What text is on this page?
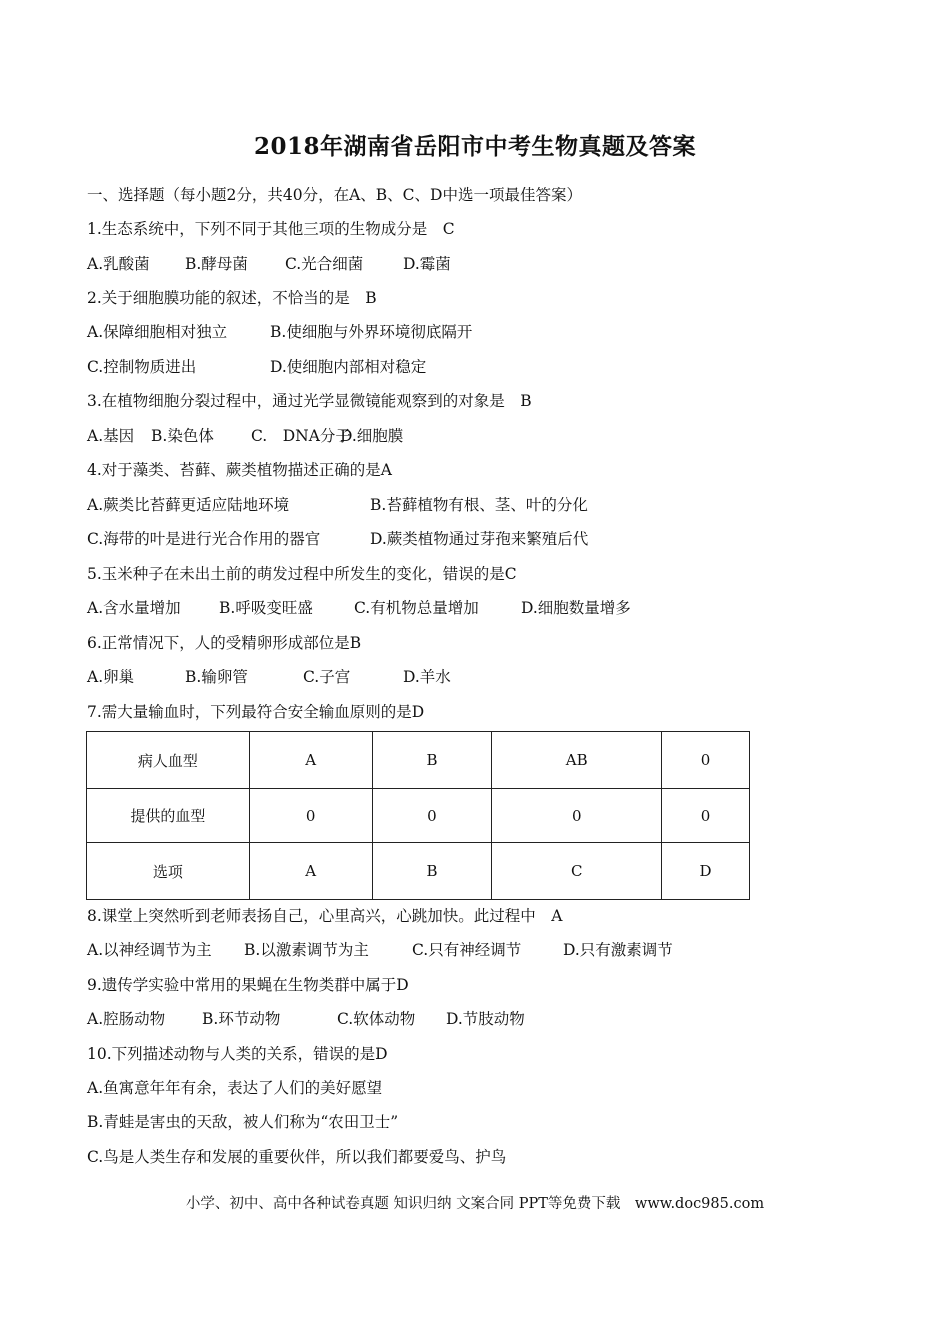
2018年湖南省岳阳市中考生物真题及答案
一、选择题（每小题2分，共40分，在A、B、C、D中选一项最佳答案）
1.生态系统中，下列不同于其他三项的生物成分是　C
A.乳酸菌 B.酵母菌 C.光合细菌	D.霉菌
2.关于细胞膜功能的叙述，不恰当的是　B
A.保障细胞相对独立	B.使细胞与外界环境彻底隔开
C.控制物质进出	D.使细胞内部相对稳定
3.在植物细胞分裂过程中，通过光学显微镜能观察到的对象是　B
A.基因 B.染色体 C.　DNA分子
D.细胞膜
4.对于藻类、苔藓、蕨类植物描述正确的是A
A.蕨类比苔藓更适应陆地环境	B.苔藓植物有根、茎、叶的分化
C.海带的叶是进行光合作用的器官	D.蕨类植物通过芽孢来繁殖后代
5.玉米种子在未出土前的萌发过程中所发生的变化，错误的是C
A.含水量增加 B.呼吸变旺盛	C.有机物总量增加	D.细胞数量增多
6.正常情况下，人的受精卵形成部位是B
A.卵巢	B.输卵管	C.子宫	D.羊水
7.需大量输血时，下列最符合安全输血原则的是D
病人血型	A	B	AB	0
提供的血型	0	0	0	0
选项	A	B	C	D
8.课堂上突然听到老师表扬自己，心里高兴，心跳加快。此过程中　A
A.以神经调节为主 B.以激素调节为主	C.只有神经调节	D.只有激素调节
9.遗传学实验中常用的果蝇在生物类群中属于D
A.腔肠动物 B.环节动物	C.软体动物 D.节肢动物
10.下列描述动物与人类的关系，错误的是D
A.鱼寓意年年有余，表达了人们的美好愿望
B.青蛙是害虫的天敌，被人们称为“农田卫士”
C.鸟是人类生存和发展的重要伙伴，所以我们都要爱鸟、护鸟
小学、初中、高中各种试卷真题 知识归纳 文案合同 PPT等免费下载　www.doc985.com
